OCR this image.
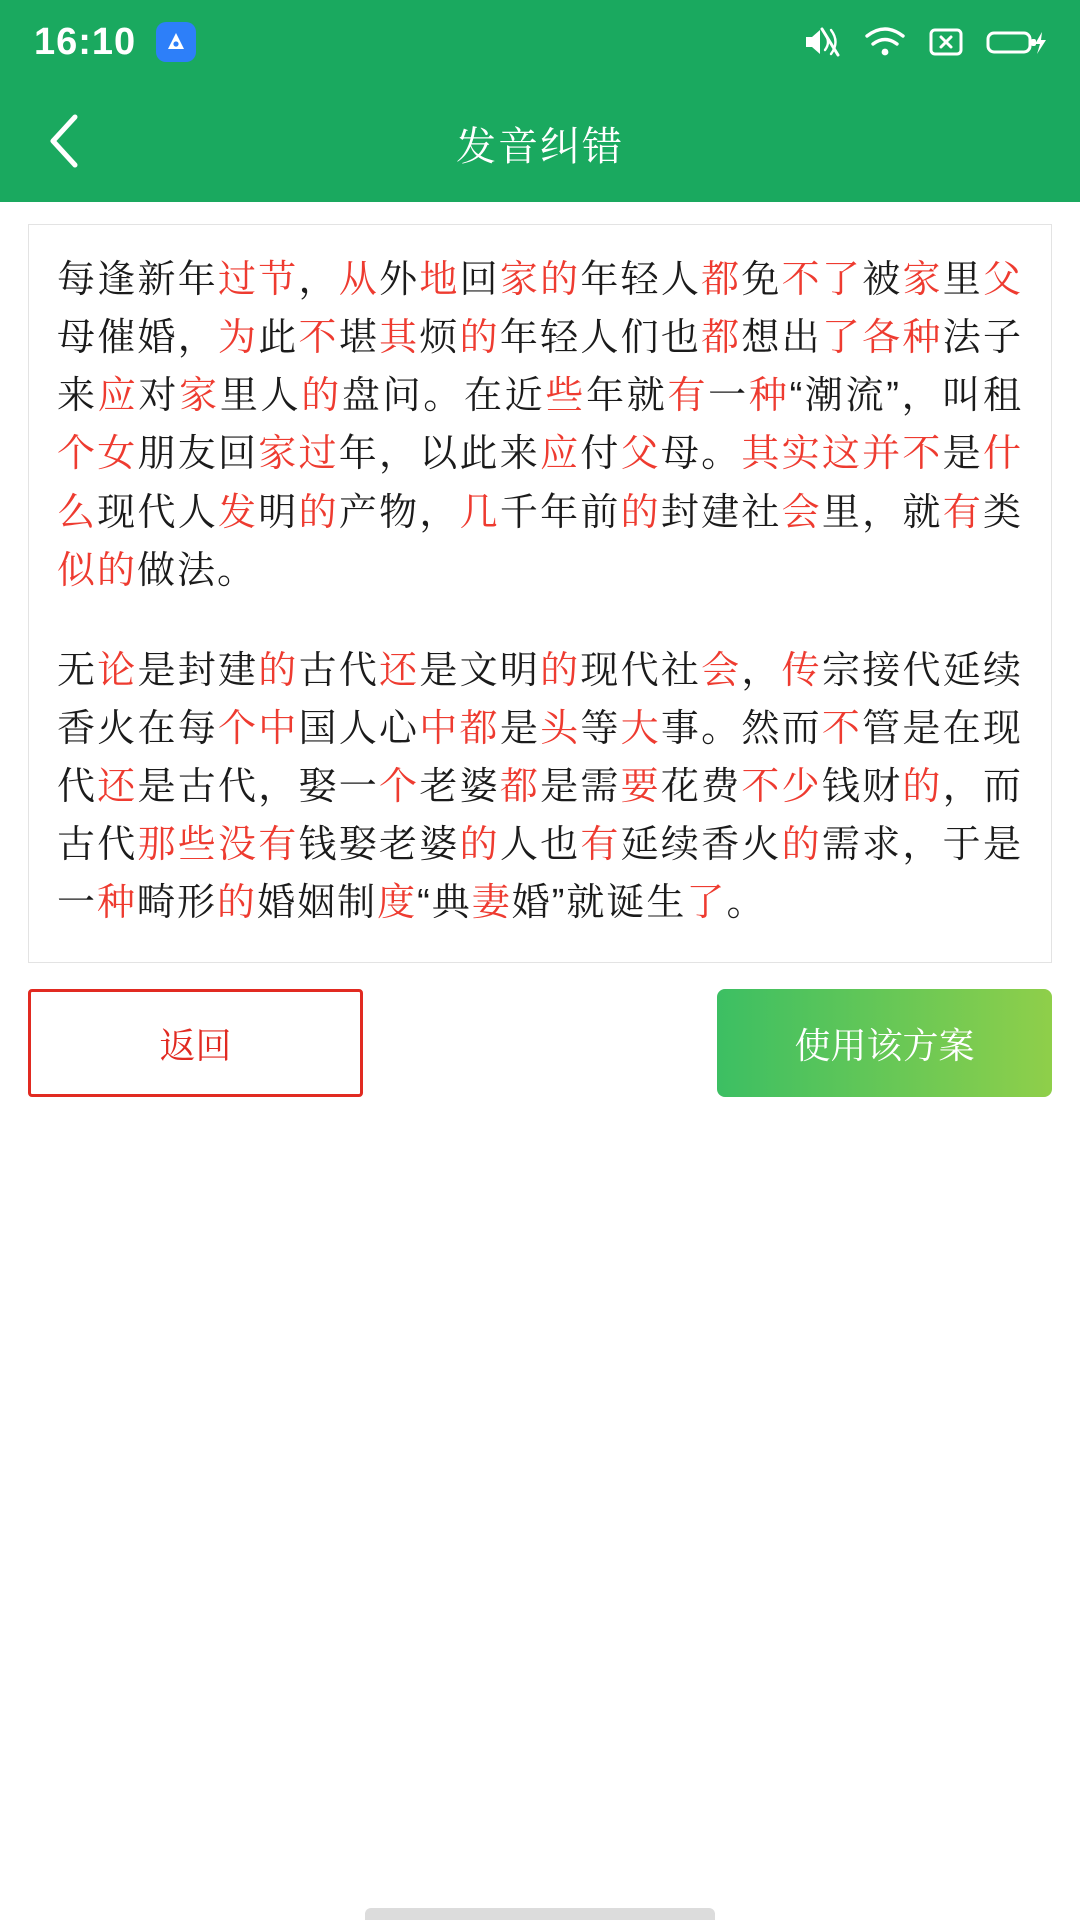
16:10
发音纠错

每逢新年过节，从外地回家的年轻人都免不了被家里父母催婚，为此不堪其烦的年轻人们也都想出了各种法子来应对家里人的盘问。在近些年就有一种“潮流”，叫租个女朋友回家过年，以此来应付父母。其实这并不是什么现代人发明的产物，几千年前的封建社会里，就有类似的做法。

无论是封建的古代还是文明的现代社会，传宗接代延续香火在每个中国人心中都是头等大事。然而不管是在现代还是古代，娶一个老婆都是需要花费不少钱财的，而古代那些没有钱娶老婆的人也有延续香火的需求，于是一种畸形的婚姻制度“典妻婚”就诞生了。

返回	使用该方案
